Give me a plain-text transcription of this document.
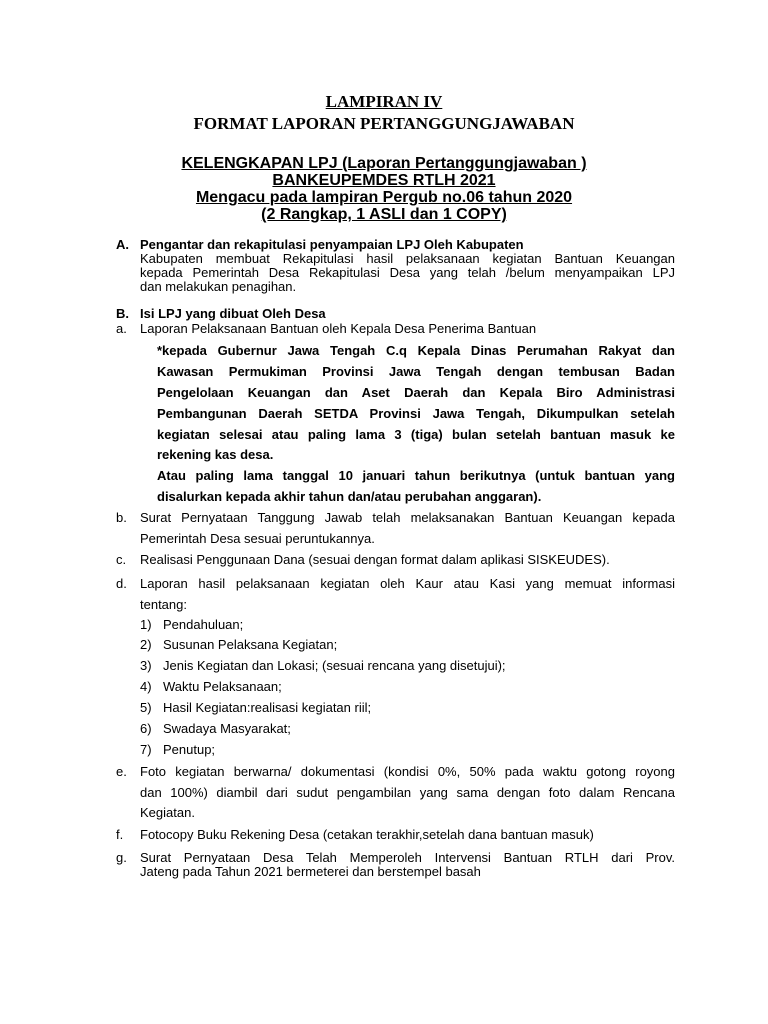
LAMPIRAN IV
FORMAT LAPORAN PERTANGGUNGJAWABAN
KELENGKAPAN LPJ (Laporan Pertanggungjawaban )
BANKEUPEMDES RTLH 2021
Mengacu pada lampiran Pergub no.06 tahun 2020
(2 Rangkap, 1 ASLI dan 1 COPY)
A. Pengantar dan rekapitulasi penyampaian LPJ Oleh Kabupaten
Kabupaten membuat Rekapitulasi hasil pelaksanaan kegiatan Bantuan Keuangan
kepada Pemerintah Desa Rekapitulasi Desa yang telah /belum menyampaikan LPJ
dan melakukan penagihan.
B. Isi LPJ yang dibuat Oleh Desa
a. Laporan Pelaksanaan Bantuan oleh Kepala Desa Penerima Bantuan
*kepada Gubernur Jawa Tengah C.q Kepala Dinas Perumahan Rakyat dan
Kawasan Permukiman Provinsi Jawa Tengah dengan tembusan Badan
Pengelolaan Keuangan dan Aset Daerah dan Kepala Biro Administrasi
Pembangunan Daerah SETDA Provinsi Jawa Tengah, Dikumpulkan setelah
kegiatan selesai atau paling lama 3 (tiga) bulan setelah bantuan masuk ke
rekening kas desa.
Atau paling lama tanggal 10 januari tahun berikutnya (untuk bantuan yang
disalurkan kepada akhir tahun dan/atau perubahan anggaran).
b. Surat Pernyataan Tanggung Jawab telah melaksanakan Bantuan Keuangan kepada
Pemerintah Desa sesuai peruntukannya.
c. Realisasi Penggunaan Dana (sesuai dengan format dalam aplikasi SISKEUDES).
d. Laporan hasil pelaksanaan kegiatan oleh Kaur atau Kasi yang memuat informasi
tentang:
1) Pendahuluan;
2) Susunan Pelaksana Kegiatan;
3) Jenis Kegiatan dan Lokasi; (sesuai rencana yang disetujui);
4) Waktu Pelaksanaan;
5) Hasil Kegiatan:realisasi kegiatan riil;
6) Swadaya Masyarakat;
7) Penutup;
e. Foto kegiatan berwarna/ dokumentasi (kondisi 0%, 50% pada waktu gotong royong
dan 100%) diambil dari sudut pengambilan yang sama dengan foto dalam Rencana
Kegiatan.
f. Fotocopy Buku Rekening Desa (cetakan terakhir,setelah dana bantuan masuk)
g. Surat Pernyataan Desa Telah Memperoleh Intervensi Bantuan RTLH dari Prov.
Jateng pada Tahun 2021 bermeterei dan berstempel basah
